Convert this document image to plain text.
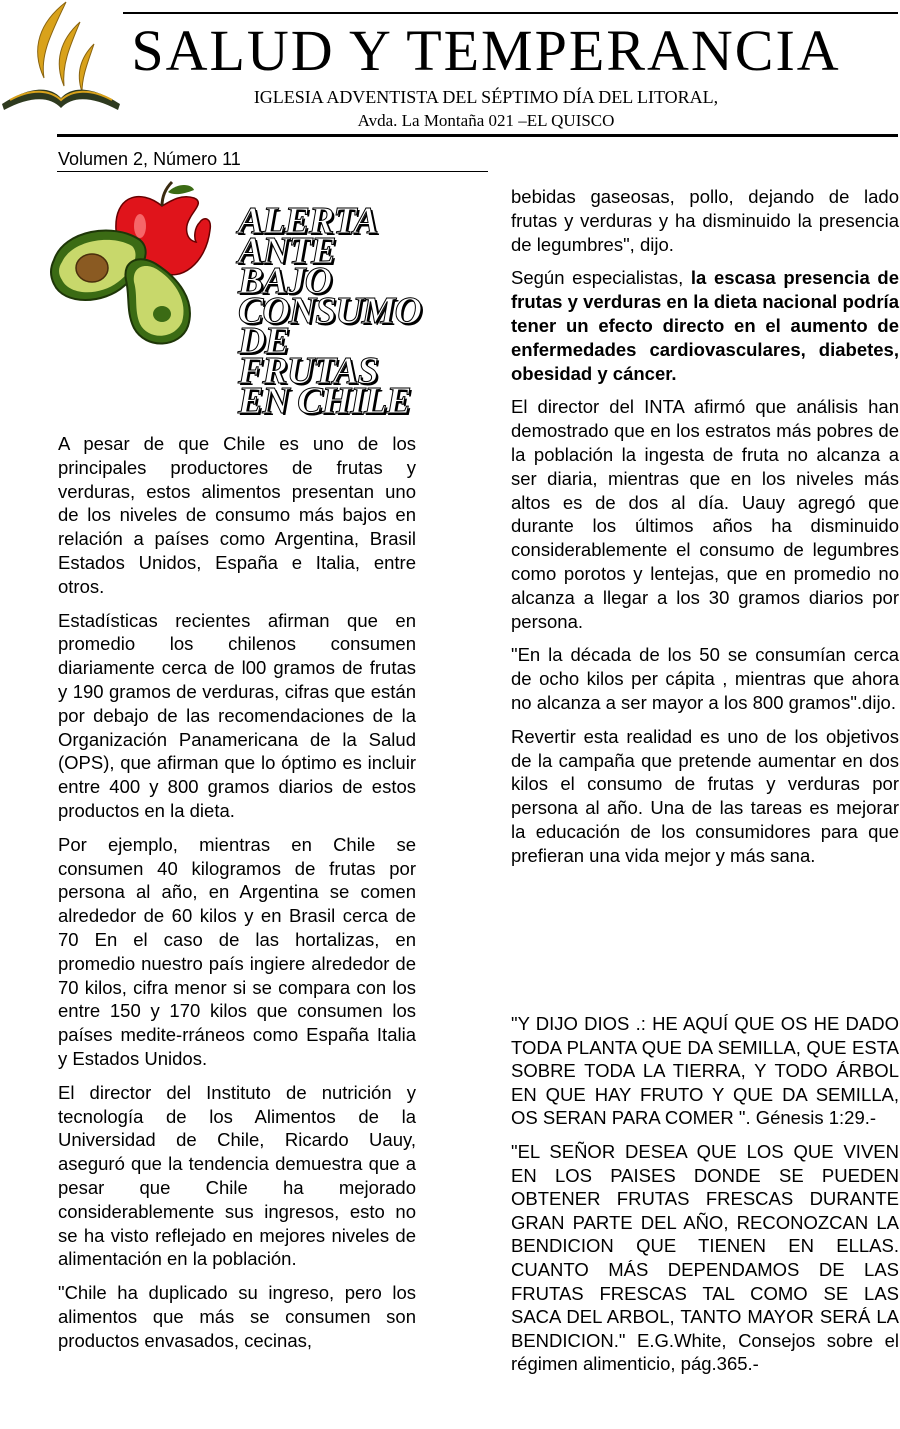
SALUD Y TEMPERANCIA
IGLESIA ADVENTISTA DEL SÉPTIMO DÍA DEL LITORAL,
Avda. La Montaña 021 –EL QUISCO
Volumen 2, Número 11
ALERTA
ANTE
BAJO
CONSUMO
DE
FRUTAS
EN CHILE

A pesar de que Chile es uno de los principales productores de frutas y verduras, estos alimentos presentan uno de los niveles de consumo más bajos en relación a países como Argentina, Brasil Estados Unidos, España e Italia, entre otros.

Estadísticas recientes afirman que en promedio los chilenos consumen diariamente cerca de l00 gramos de frutas y 190 gramos de verduras, cifras que están por debajo de las recomendaciones de la Organización Panamericana de la Salud (OPS), que afirman que lo óptimo es incluir entre 400 y 800 gramos diarios de estos productos en la dieta.

Por ejemplo, mientras en Chile se consumen 40 kilogramos de frutas por persona al año, en Argentina se comen alrededor de 60 kilos y en Brasil cerca de 70 En el caso de las hortalizas, en promedio nuestro país ingiere alrededor de 70 kilos, cifra menor si se compara con los entre 150 y 170 kilos que consumen los países medite-rráneos como España Italia y Estados Unidos.

El director del Instituto de nutrición y tecnología de los Alimentos de la Universidad de Chile, Ricardo Uauy, aseguró que la tendencia demuestra que a pesar que Chile ha mejorado considerablemente sus ingresos, esto no se ha visto reflejado en mejores niveles de alimentación en la población.

"Chile ha duplicado su ingreso, pero los alimentos que más se consumen son productos envasados, cecinas,

bebidas gaseosas, pollo, dejando de lado frutas y verduras y ha disminuido la presencia de legumbres", dijo.

Según especialistas, la escasa presencia de frutas y verduras en la dieta nacional podría tener un efecto directo en el aumento de enfermedades cardiovasculares, diabetes, obesidad y cáncer.

El director del INTA afirmó que análisis han demostrado que en los estratos más pobres de la población la ingesta de fruta no alcanza a ser diaria, mientras que en los niveles más altos es de dos al día. Uauy agregó que durante los últimos años ha disminuido considerablemente el consumo de legumbres como porotos y lentejas, que en promedio no alcanza a llegar a los 30 gramos diarios por persona.

"En la década de los 50 se consumían cerca de ocho kilos per cápita , mientras que ahora no alcanza a ser mayor a los 800 gramos".dijo.

Revertir esta realidad es uno de los objetivos de la campaña que pretende aumentar en dos kilos el consumo de frutas y verduras por persona al año. Una de las tareas es mejorar la educación de los consumidores para que prefieran una vida mejor y más sana.

"Y DIJO DIOS .: HE AQUÍ QUE OS HE DADO TODA PLANTA QUE DA SEMILLA, QUE ESTA SOBRE TODA LA TIERRA, Y TODO ÁRBOL EN QUE HAY FRUTO Y QUE DA SEMILLA, OS SERAN PARA COMER ". Génesis 1:29.-

"EL SEÑOR DESEA QUE LOS QUE VIVEN EN LOS PAISES DONDE SE PUEDEN OBTENER FRUTAS FRESCAS DURANTE GRAN PARTE DEL AÑO, RECONOZCAN LA BENDICION QUE TIENEN EN ELLAS. CUANTO MÁS DEPENDAMOS DE LAS FRUTAS FRESCAS TAL COMO SE LAS SACA DEL ARBOL, TANTO MAYOR SERÁ LA BENDICION." E.G.White, Consejos sobre el régimen alimenticio, pág.365.-
